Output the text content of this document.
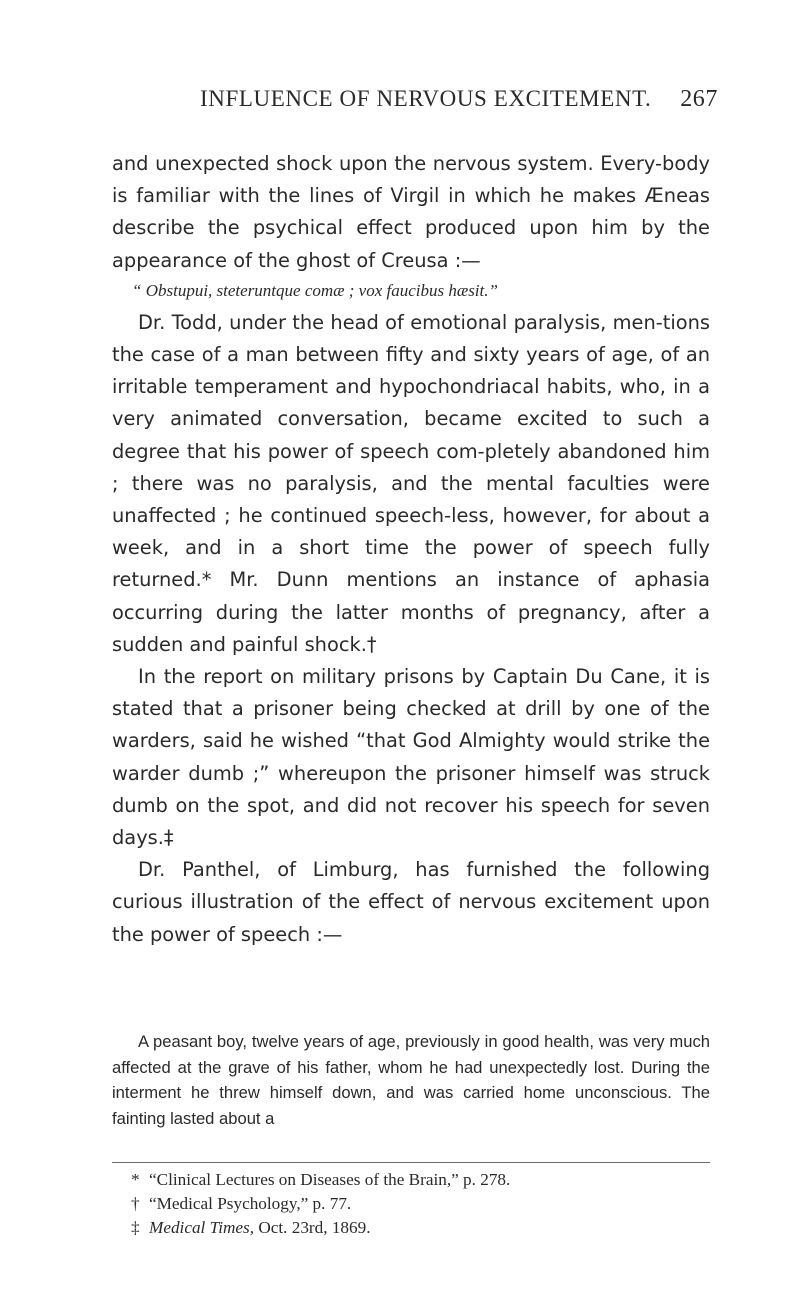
INFLUENCE OF NERVOUS EXCITEMENT. 267

and unexpected shock upon the nervous system. Every-body is familiar with the lines of Virgil in which he makes Æneas describe the psychical effect produced upon him by the appearance of the ghost of Creusa :—

“ Obstupui, steteruntque comæ ; vox faucibus hæsit.”

Dr. Todd, under the head of emotional paralysis, men-tions the case of a man between fifty and sixty years of age, of an irritable temperament and hypochondriacal habits, who, in a very animated conversation, became excited to such a degree that his power of speech com-pletely abandoned him ; there was no paralysis, and the mental faculties were unaffected ; he continued speech-less, however, for about a week, and in a short time the power of speech fully returned.* Mr. Dunn mentions an instance of aphasia occurring during the latter months of pregnancy, after a sudden and painful shock.†

In the report on military prisons by Captain Du Cane, it is stated that a prisoner being checked at drill by one of the warders, said he wished “that God Almighty would strike the warder dumb ;” whereupon the prisoner himself was struck dumb on the spot, and did not recover his speech for seven days.‡

Dr. Panthel, of Limburg, has furnished the following curious illustration of the effect of nervous excitement upon the power of speech :—

A peasant boy, twelve years of age, previously in good health, was very much affected at the grave of his father, whom he had unexpectedly lost. During the interment he threw himself down, and was carried home unconscious. The fainting lasted about a

* “Clinical Lectures on Diseases of the Brain,” p. 278.
† “Medical Psychology,” p. 77.
‡ Medical Times, Oct. 23rd, 1869.
